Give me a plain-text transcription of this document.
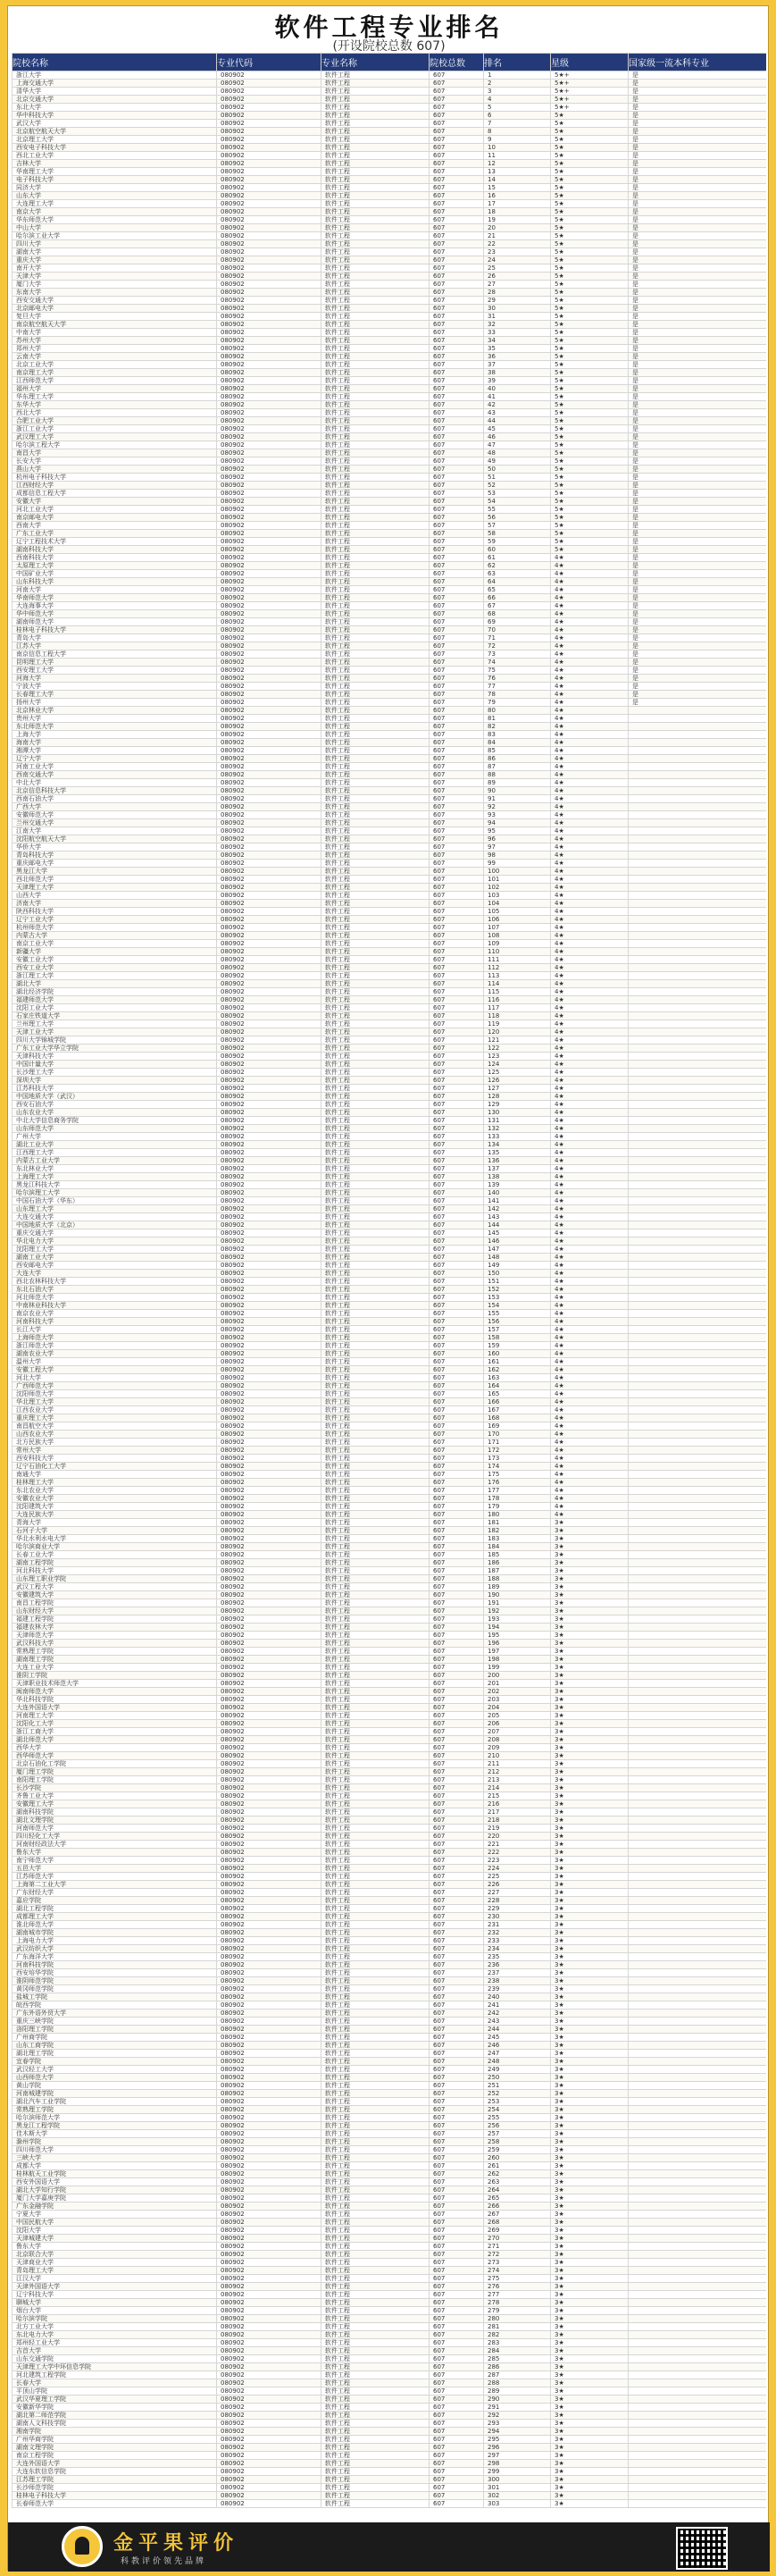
软件工程专业排名
(开设院校总数 607)
院校名称	专业代码	专业名称	院校总数	排名	星级	国家级一流本科专业
浙江大学	080902	软件工程	607	1	5★+	是
上海交通大学	080902	软件工程	607	2	5★+	是
清华大学	080902	软件工程	607	3	5★+	是
北京交通大学	080902	软件工程	607	4	5★+	是
东北大学	080902	软件工程	607	5	5★+	是
华中科技大学	080902	软件工程	607	6	5★	是
武汉大学	080902	软件工程	607	7	5★	是
北京航空航天大学	080902	软件工程	607	8	5★	是
北京理工大学	080902	软件工程	607	9	5★	是
西安电子科技大学	080902	软件工程	607	10	5★	是
西北工业大学	080902	软件工程	607	11	5★	是
吉林大学	080902	软件工程	607	12	5★	是
华南理工大学	080902	软件工程	607	13	5★	是
电子科技大学	080902	软件工程	607	14	5★	是
同济大学	080902	软件工程	607	15	5★	是
山东大学	080902	软件工程	607	16	5★	是
大连理工大学	080902	软件工程	607	17	5★	是
南京大学	080902	软件工程	607	18	5★	是
华东师范大学	080902	软件工程	607	19	5★	是
中山大学	080902	软件工程	607	20	5★	是
哈尔滨工业大学	080902	软件工程	607	21	5★	是
四川大学	080902	软件工程	607	22	5★	是
湖南大学	080902	软件工程	607	23	5★	是
重庆大学	080902	软件工程	607	24	5★	是
南开大学	080902	软件工程	607	25	5★	是
天津大学	080902	软件工程	607	26	5★	是
厦门大学	080902	软件工程	607	27	5★	是
东南大学	080902	软件工程	607	28	5★	是
西安交通大学	080902	软件工程	607	29	5★	是
北京邮电大学	080902	软件工程	607	30	5★	是
复旦大学	080902	软件工程	607	31	5★	是
南京航空航天大学	080902	软件工程	607	32	5★	是
中南大学	080902	软件工程	607	33	5★	是
苏州大学	080902	软件工程	607	34	5★	是
郑州大学	080902	软件工程	607	35	5★	是
云南大学	080902	软件工程	607	36	5★	是
北京工业大学	080902	软件工程	607	37	5★	是
南京理工大学	080902	软件工程	607	38	5★	是
江西师范大学	080902	软件工程	607	39	5★	是
福州大学	080902	软件工程	607	40	5★	是
华东理工大学	080902	软件工程	607	41	5★	是
东华大学	080902	软件工程	607	42	5★	是
西北大学	080902	软件工程	607	43	5★	是
合肥工业大学	080902	软件工程	607	44	5★	是
浙江工业大学	080902	软件工程	607	45	5★	是
武汉理工大学	080902	软件工程	607	46	5★	是
哈尔滨工程大学	080902	软件工程	607	47	5★	是
南昌大学	080902	软件工程	607	48	5★	是
长安大学	080902	软件工程	607	49	5★	是
燕山大学	080902	软件工程	607	50	5★	是
杭州电子科技大学	080902	软件工程	607	51	5★	是
江西财经大学	080902	软件工程	607	52	5★	是
成都信息工程大学	080902	软件工程	607	53	5★	是
安徽大学	080902	软件工程	607	54	5★	是
河北工业大学	080902	软件工程	607	55	5★	是
南京邮电大学	080902	软件工程	607	56	5★	是
西南大学	080902	软件工程	607	57	5★	是
广东工业大学	080902	软件工程	607	58	5★	是
辽宁工程技术大学	080902	软件工程	607	59	5★	是
湖南科技大学	080902	软件工程	607	60	5★	是
西南科技大学	080902	软件工程	607	61	4★	是
太原理工大学	080902	软件工程	607	62	4★	是
中国矿业大学	080902	软件工程	607	63	4★	是
山东科技大学	080902	软件工程	607	64	4★	是
河南大学	080902	软件工程	607	65	4★	是
华南师范大学	080902	软件工程	607	66	4★	是
大连海事大学	080902	软件工程	607	67	4★	是
华中师范大学	080902	软件工程	607	68	4★	是
湖南师范大学	080902	软件工程	607	69	4★	是
桂林电子科技大学	080902	软件工程	607	70	4★	是
青岛大学	080902	软件工程	607	71	4★	是
江苏大学	080902	软件工程	607	72	4★	是
南京信息工程大学	080902	软件工程	607	73	4★	是
昆明理工大学	080902	软件工程	607	74	4★	是
西安理工大学	080902	软件工程	607	75	4★	是
河海大学	080902	软件工程	607	76	4★	是
宁波大学	080902	软件工程	607	77	4★	是
长春理工大学	080902	软件工程	607	78	4★	是
扬州大学	080902	软件工程	607	79	4★	是
北京林业大学	080902	软件工程	607	80	4★	
贵州大学	080902	软件工程	607	81	4★	
东北师范大学	080902	软件工程	607	82	4★	
上海大学	080902	软件工程	607	83	4★	
海南大学	080902	软件工程	607	84	4★	
湘潭大学	080902	软件工程	607	85	4★	
辽宁大学	080902	软件工程	607	86	4★	
河南工业大学	080902	软件工程	607	87	4★	
西南交通大学	080902	软件工程	607	88	4★	
中北大学	080902	软件工程	607	89	4★	
北京信息科技大学	080902	软件工程	607	90	4★	
西南石油大学	080902	软件工程	607	91	4★	
广西大学	080902	软件工程	607	92	4★	
安徽师范大学	080902	软件工程	607	93	4★	
兰州交通大学	080902	软件工程	607	94	4★	
江南大学	080902	软件工程	607	95	4★	
沈阳航空航天大学	080902	软件工程	607	96	4★	
华侨大学	080902	软件工程	607	97	4★	
青岛科技大学	080902	软件工程	607	98	4★	
重庆邮电大学	080902	软件工程	607	99	4★	
黑龙江大学	080902	软件工程	607	100	4★	
西北师范大学	080902	软件工程	607	101	4★	
天津理工大学	080902	软件工程	607	102	4★	
山西大学	080902	软件工程	607	103	4★	
济南大学	080902	软件工程	607	104	4★	
陕西科技大学	080902	软件工程	607	105	4★	
辽宁工业大学	080902	软件工程	607	106	4★	
杭州师范大学	080902	软件工程	607	107	4★	
内蒙古大学	080902	软件工程	607	108	4★	
南京工业大学	080902	软件工程	607	109	4★	
新疆大学	080902	软件工程	607	110	4★	
安徽工业大学	080902	软件工程	607	111	4★	
西安工业大学	080902	软件工程	607	112	4★	
浙江理工大学	080902	软件工程	607	113	4★	
湖北大学	080902	软件工程	607	114	4★	
湖北经济学院	080902	软件工程	607	115	4★	
福建师范大学	080902	软件工程	607	116	4★	
沈阳工业大学	080902	软件工程	607	117	4★	
石家庄铁道大学	080902	软件工程	607	118	4★	
兰州理工大学	080902	软件工程	607	119	4★	
天津工业大学	080902	软件工程	607	120	4★	
四川大学锦城学院	080902	软件工程	607	121	4★	
广东工业大学华立学院	080902	软件工程	607	122	4★	
天津科技大学	080902	软件工程	607	123	4★	
中国计量大学	080902	软件工程	607	124	4★	
长沙理工大学	080902	软件工程	607	125	4★	
深圳大学	080902	软件工程	607	126	4★	
江苏科技大学	080902	软件工程	607	127	4★	
中国地质大学（武汉）	080902	软件工程	607	128	4★	
西安石油大学	080902	软件工程	607	129	4★	
山东农业大学	080902	软件工程	607	130	4★	
中北大学信息商务学院	080902	软件工程	607	131	4★	
山东师范大学	080902	软件工程	607	132	4★	
广州大学	080902	软件工程	607	133	4★	
湖北工业大学	080902	软件工程	607	134	4★	
江西理工大学	080902	软件工程	607	135	4★	
内蒙古工业大学	080902	软件工程	607	136	4★	
东北林业大学	080902	软件工程	607	137	4★	
上海理工大学	080902	软件工程	607	138	4★	
黑龙江科技大学	080902	软件工程	607	139	4★	
哈尔滨理工大学	080902	软件工程	607	140	4★	
中国石油大学（华东）	080902	软件工程	607	141	4★	
山东理工大学	080902	软件工程	607	142	4★	
大连交通大学	080902	软件工程	607	143	4★	
中国地质大学（北京）	080902	软件工程	607	144	4★	
重庆交通大学	080902	软件工程	607	145	4★	
华北电力大学	080902	软件工程	607	146	4★	
沈阳理工大学	080902	软件工程	607	147	4★	
湖南工业大学	080902	软件工程	607	148	4★	
西安邮电大学	080902	软件工程	607	149	4★	
大连大学	080902	软件工程	607	150	4★	
西北农林科技大学	080902	软件工程	607	151	4★	
东北石油大学	080902	软件工程	607	152	4★	
河北师范大学	080902	软件工程	607	153	4★	
中南林业科技大学	080902	软件工程	607	154	4★	
南京农业大学	080902	软件工程	607	155	4★	
河南科技大学	080902	软件工程	607	156	4★	
长江大学	080902	软件工程	607	157	4★	
上海师范大学	080902	软件工程	607	158	4★	
浙江师范大学	080902	软件工程	607	159	4★	
湖南农业大学	080902	软件工程	607	160	4★	
温州大学	080902	软件工程	607	161	4★	
安徽工程大学	080902	软件工程	607	162	4★	
河北大学	080902	软件工程	607	163	4★	
广西师范大学	080902	软件工程	607	164	4★	
沈阳师范大学	080902	软件工程	607	165	4★	
华北理工大学	080902	软件工程	607	166	4★	
江西农业大学	080902	软件工程	607	167	4★	
重庆理工大学	080902	软件工程	607	168	4★	
南昌航空大学	080902	软件工程	607	169	4★	
山西农业大学	080902	软件工程	607	170	4★	
北方民族大学	080902	软件工程	607	171	4★	
常州大学	080902	软件工程	607	172	4★	
西安科技大学	080902	软件工程	607	173	4★	
辽宁石油化工大学	080902	软件工程	607	174	4★	
南通大学	080902	软件工程	607	175	4★	
桂林理工大学	080902	软件工程	607	176	4★	
东北农业大学	080902	软件工程	607	177	4★	
安徽农业大学	080902	软件工程	607	178	4★	
沈阳建筑大学	080902	软件工程	607	179	4★	
大连民族大学	080902	软件工程	607	180	4★	
青海大学	080902	软件工程	607	181	3★	
石河子大学	080902	软件工程	607	182	3★	
华北水利水电大学	080902	软件工程	607	183	3★	
哈尔滨商业大学	080902	软件工程	607	184	3★	
长春工业大学	080902	软件工程	607	185	3★	
湖南工程学院	080902	软件工程	607	186	3★	
河北科技大学	080902	软件工程	607	187	3★	
山东理工职业学院	080902	软件工程	607	188	3★	
武汉工程大学	080902	软件工程	607	189	3★	
安徽建筑大学	080902	软件工程	607	190	3★	
南昌工程学院	080902	软件工程	607	191	3★	
山东财经大学	080902	软件工程	607	192	3★	
福建工程学院	080902	软件工程	607	193	3★	
福建农林大学	080902	软件工程	607	194	3★	
天津师范大学	080902	软件工程	607	195	3★	
武汉科技大学	080902	软件工程	607	196	3★	
常熟理工学院	080902	软件工程	607	197	3★	
湖南理工学院	080902	软件工程	607	198	3★	
大连工业大学	080902	软件工程	607	199	3★	
淮阴工学院	080902	软件工程	607	200	3★	
天津职业技术师范大学	080902	软件工程	607	201	3★	
闽南师范大学	080902	软件工程	607	202	3★	
华北科技学院	080902	软件工程	607	203	3★	
大连外国语大学	080902	软件工程	607	204	3★	
河南理工大学	080902	软件工程	607	205	3★	
沈阳化工大学	080902	软件工程	607	206	3★	
浙江工商大学	080902	软件工程	607	207	3★	
湖北师范大学	080902	软件工程	607	208	3★	
西华大学	080902	软件工程	607	209	3★	
西华师范大学	080902	软件工程	607	210	3★	
北京石油化工学院	080902	软件工程	607	211	3★	
厦门理工学院	080902	软件工程	607	212	3★	
南阳理工学院	080902	软件工程	607	213	3★	
长沙学院	080902	软件工程	607	214	3★	
齐鲁工业大学	080902	软件工程	607	215	3★	
安徽理工大学	080902	软件工程	607	216	3★	
湖南科技学院	080902	软件工程	607	217	3★	
湖北文理学院	080902	软件工程	607	218	3★	
河南师范大学	080902	软件工程	607	219	3★	
四川轻化工大学	080902	软件工程	607	220	3★	
河南财经政法大学	080902	软件工程	607	221	3★	
鲁东大学	080902	软件工程	607	222	3★	
南宁师范大学	080902	软件工程	607	223	3★	
五邑大学	080902	软件工程	607	224	3★	
江苏师范大学	080902	软件工程	607	225	3★	
上海第二工业大学	080902	软件工程	607	226	3★	
广东财经大学	080902	软件工程	607	227	3★	
嘉应学院	080902	软件工程	607	228	3★	
湖北工程学院	080902	软件工程	607	229	3★	
成都理工大学	080902	软件工程	607	230	3★	
淮北师范大学	080902	软件工程	607	231	3★	
湖南城市学院	080902	软件工程	607	232	3★	
上海电力大学	080902	软件工程	607	233	3★	
武汉纺织大学	080902	软件工程	607	234	3★	
广东海洋大学	080902	软件工程	607	235	3★	
河南科技学院	080902	软件工程	607	236	3★	
西安培华学院	080902	软件工程	607	237	3★	
淮阴师范学院	080902	软件工程	607	238	3★	
黄冈师范学院	080902	软件工程	607	239	3★	
盐城工学院	080902	软件工程	607	240	3★	
皖西学院	080902	软件工程	607	241	3★	
广东外语外贸大学	080902	软件工程	607	242	3★	
重庆三峡学院	080902	软件工程	607	243	3★	
洛阳理工学院	080902	软件工程	607	244	3★	
广州商学院	080902	软件工程	607	245	3★	
山东工商学院	080902	软件工程	607	246	3★	
湖北理工学院	080902	软件工程	607	247	3★	
宜春学院	080902	软件工程	607	248	3★	
武汉轻工大学	080902	软件工程	607	249	3★	
山西师范大学	080902	软件工程	607	250	3★	
黄山学院	080902	软件工程	607	251	3★	
河南城建学院	080902	软件工程	607	252	3★	
湖北汽车工业学院	080902	软件工程	607	253	3★	
常熟理工学院	080902	软件工程	607	254	3★	
哈尔滨师范大学	080902	软件工程	607	255	3★	
黑龙江工程学院	080902	软件工程	607	256	3★	
佳木斯大学	080902	软件工程	607	257	3★	
滁州学院	080902	软件工程	607	258	3★	
四川师范大学	080902	软件工程	607	259	3★	
三峡大学	080902	软件工程	607	260	3★	
成都大学	080902	软件工程	607	261	3★	
桂林航天工业学院	080902	软件工程	607	262	3★	
西安外国语大学	080902	软件工程	607	263	3★	
湖北大学知行学院	080902	软件工程	607	264	3★	
厦门大学嘉庚学院	080902	软件工程	607	265	3★	
广东金融学院	080902	软件工程	607	266	3★	
宁夏大学	080902	软件工程	607	267	3★	
中国民航大学	080902	软件工程	607	268	3★	
沈阳大学	080902	软件工程	607	269	3★	
天津城建大学	080902	软件工程	607	270	3★	
鲁东大学	080902	软件工程	607	271	3★	
北京联合大学	080902	软件工程	607	272	3★	
天津商业大学	080902	软件工程	607	273	3★	
青岛理工大学	080902	软件工程	607	274	3★	
江汉大学	080902	软件工程	607	275	3★	
天津外国语大学	080902	软件工程	607	276	3★	
辽宁科技大学	080902	软件工程	607	277	3★	
聊城大学	080902	软件工程	607	278	3★	
烟台大学	080902	软件工程	607	279	3★	
哈尔滨学院	080902	软件工程	607	280	3★	
北方工业大学	080902	软件工程	607	281	3★	
东北电力大学	080902	软件工程	607	282	3★	
郑州轻工业大学	080902	软件工程	607	283	3★	
吉首大学	080902	软件工程	607	284	3★	
山东交通学院	080902	软件工程	607	285	3★	
天津理工大学中环信息学院	080902	软件工程	607	286	3★	
河北建筑工程学院	080902	软件工程	607	287	3★	
长春大学	080902	软件工程	607	288	3★	
平顶山学院	080902	软件工程	607	289	3★	
武汉华夏理工学院	080902	软件工程	607	290	3★	
安徽新华学院	080902	软件工程	607	291	3★	
湖北第二师范学院	080902	软件工程	607	292	3★	
湖南人文科技学院	080902	软件工程	607	293	3★	
湘南学院	080902	软件工程	607	294	3★	
广州华商学院	080902	软件工程	607	295	3★	
湖南文理学院	080902	软件工程	607	296	3★	
南京工程学院	080902	软件工程	607	297	3★	
大连外国语大学	080902	软件工程	607	298	3★	
大连东软信息学院	080902	软件工程	607	299	3★	
江苏理工学院	080902	软件工程	607	300	3★	
长沙师范学院	080902	软件工程	607	301	3★	
桂林电子科技大学	080902	软件工程	607	302	3★	
长春师范大学	080902	软件工程	607	303	3★	
金平果评价
科教评价领先品牌
